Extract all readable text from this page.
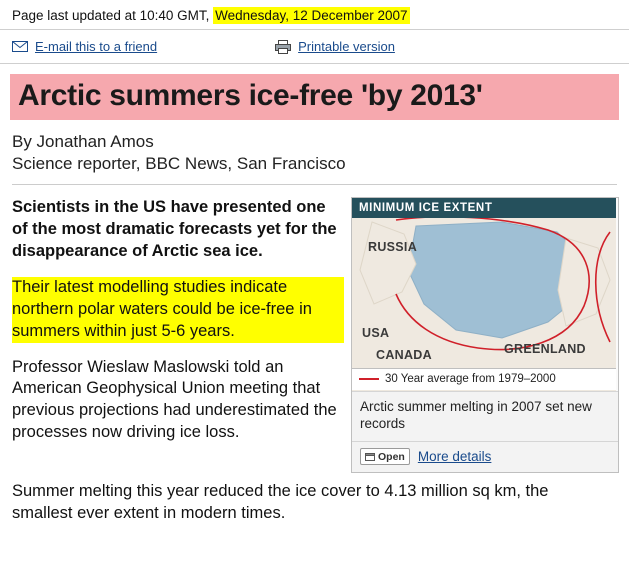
Page last updated at 10:40 GMT, Wednesday, 12 December 2007
E-mail this to a friend	Printable version
Arctic summers ice-free 'by 2013'
By Jonathan Amos
Science reporter, BBC News, San Francisco
MINIMUM ICE EXTENT
RUSSIA
USA
CANADA	GREENLAND
30 Year average from 1979–2000
Arctic summer melting in 2007 set new records
Open More details

Scientists in the US have presented one of the most dramatic forecasts yet for the disappearance of Arctic sea ice.

Their latest modelling studies indicate northern polar waters could be ice-free in summers within just 5-6 years.

Professor Wieslaw Maslowski told an American Geophysical Union meeting that previous projections had underestimated the processes now driving ice loss.

Summer melting this year reduced the ice cover to 4.13 million sq km, the smallest ever extent in modern times.
